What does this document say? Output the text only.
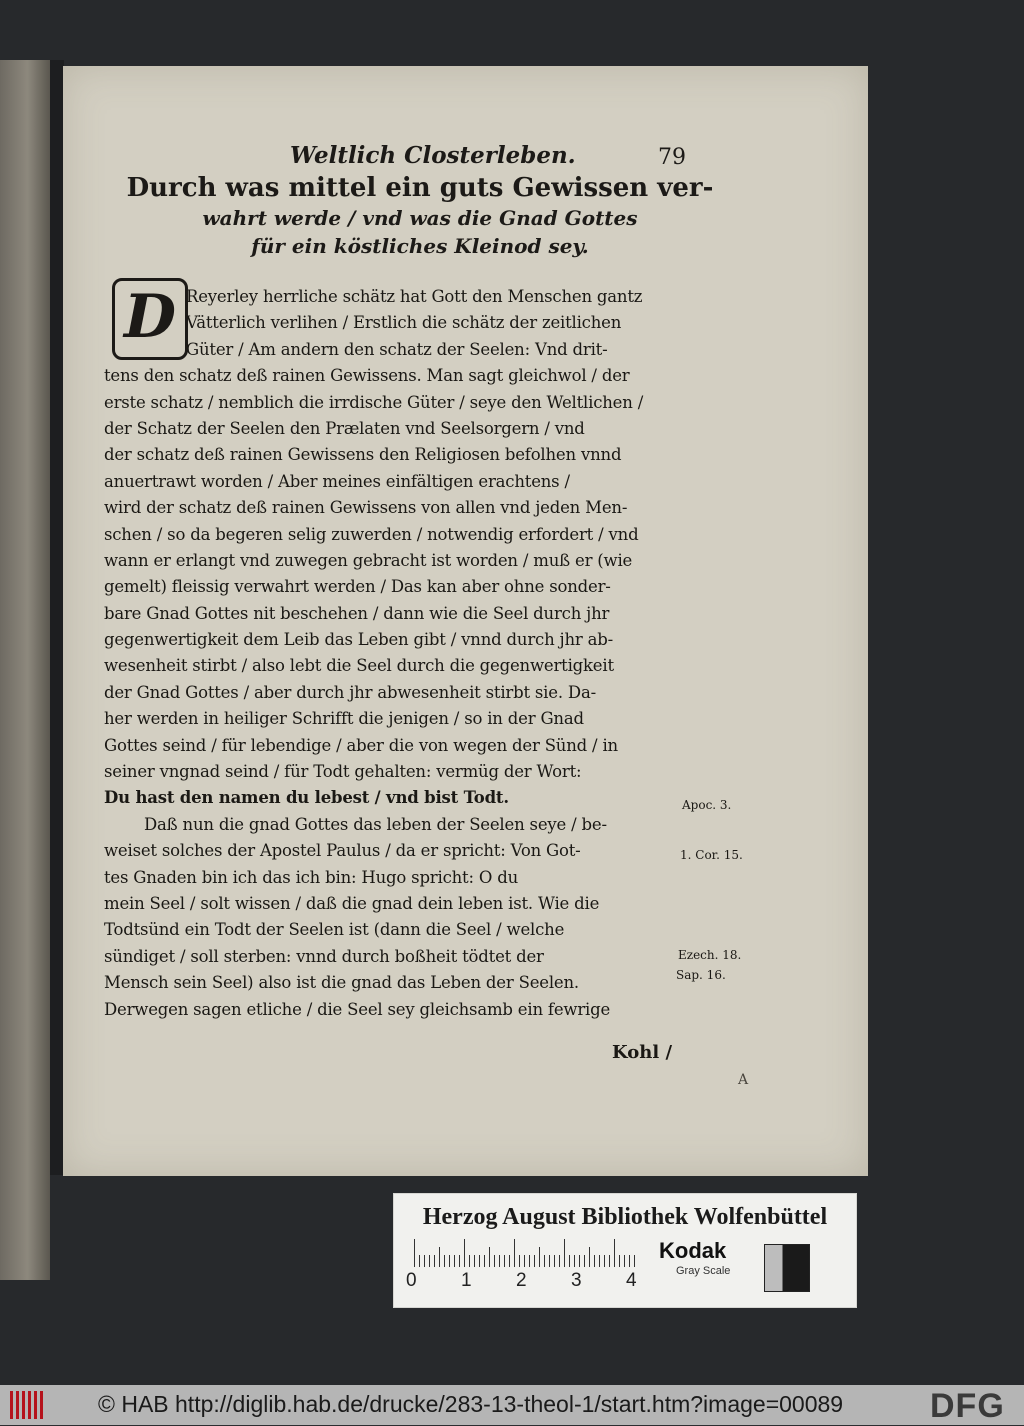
Weltlich Closterleben.	79
Durch was mittel ein guts Gewissen ver-
wahrt werde / vnd was die Gnad Gottes
für ein köstliches Kleinod sey.
D Reyerley herrliche schätz hat Gott den Menschen gantz
Vätterlich verlihen / Erstlich die schätz der zeitlichen
Güter / Am andern den schatz der Seelen: Vnd drit-
tens den schatz deß rainen Gewissens. Man sagt gleichwol / der
erste schatz / nemblich die irrdische Güter / seye den Weltlichen /
der Schatz der Seelen den Prælaten vnd Seelsorgern / vnd
der schatz deß rainen Gewissens den Religiosen befolhen vnnd
anuertrawt worden / Aber meines einfältigen erachtens /
wird der schatz deß rainen Gewissens von allen vnd jeden Men-
schen / so da begeren selig zuwerden / notwendig erfordert / vnd
wann er erlangt vnd zuwegen gebracht ist worden / muß er (wie
gemelt) fleissig verwahrt werden / Das kan aber ohne sonder-
bare Gnad Gottes nit beschehen / dann wie die Seel durch jhr
gegenwertigkeit dem Leib das Leben gibt / vnnd durch jhr ab-
wesenheit stirbt / also lebt die Seel durch die gegenwertigkeit
der Gnad Gottes / aber durch jhr abwesenheit stirbt sie. Da-
her werden in heiliger Schrifft die jenigen / so in der Gnad
Gottes seind / für lebendige / aber die von wegen der Sünd / in
seiner vngnad seind / für Todt gehalten: vermüg der Wort:
Du hast den namen du lebest / vnd bist Todt.
Daß nun die gnad Gottes das leben der Seelen seye / be-
weiset solches der Apostel Paulus / da er spricht: Von Got-
tes Gnaden bin ich das ich bin: Hugo spricht: O du
mein Seel / solt wissen / daß die gnad dein leben ist. Wie die
Todtsünd ein Todt der Seelen ist (dann die Seel / welche
sündiget / soll sterben: vnnd durch boßheit tödtet der
Mensch sein Seel) also ist die gnad das Leben der Seelen.
Derwegen sagen etliche / die Seel sey gleichsamb ein fewrige
Kohl /
Apoc. 3.
1. Cor. 15.
Ezech. 18.
Sap. 16.
A
Herzog August Bibliothek Wolfenbüttel
0 1 2 3 4
Kodak
Gray Scale
© HAB http://diglib.hab.de/drucke/283-13-theol-1/start.htm?image=00089	DFG
